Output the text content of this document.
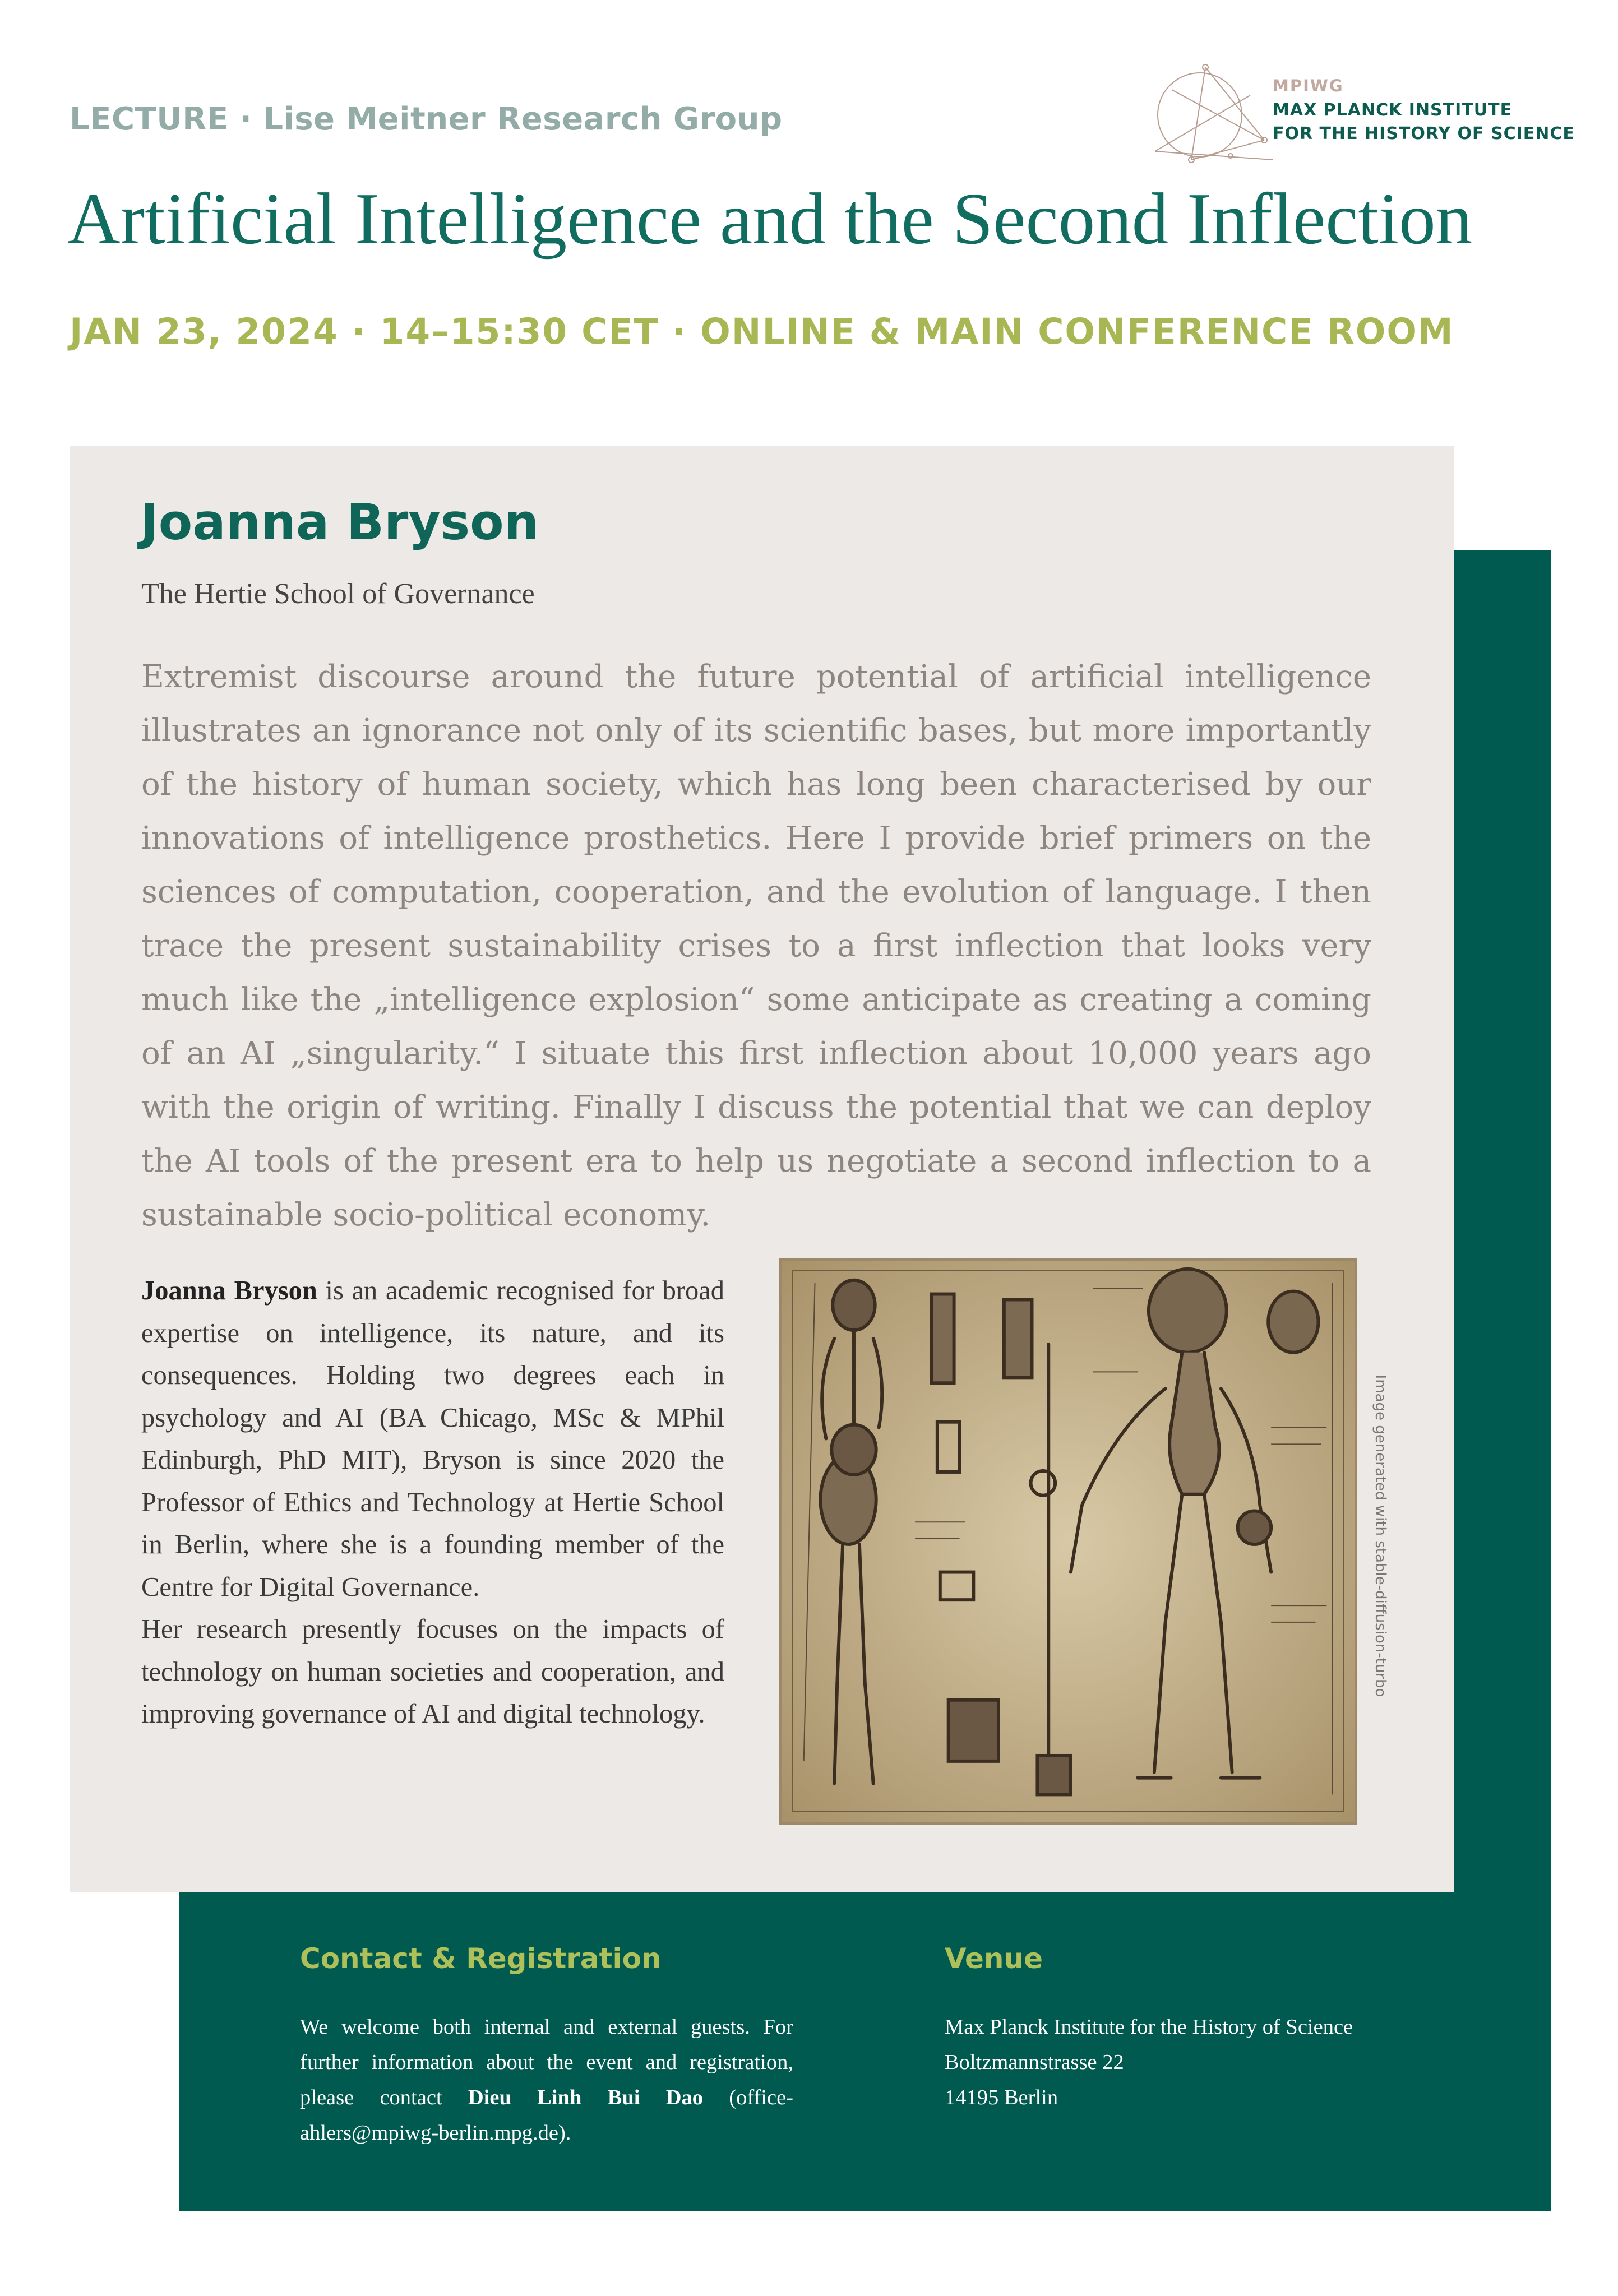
LECTURE · Lise Meitner Research Group
MPIWG
MAX PLANCK INSTITUTE
FOR THE HISTORY OF SCIENCE
Artificial Intelligence and the Second Inflection
JAN 23, 2024 · 14–15:30 CET · ONLINE & MAIN CONFERENCE ROOM
Joanna Bryson
The Hertie School of Governance

Extremist discourse around the future potential of artificial intelligence illustrates an ignorance not only of its scientific bases, but more importantly of the history of human society, which has long been characterised by our innovations of intelligence prosthetics. Here I provide brief primers on the sciences of computation, cooperation, and the evolution of language. I then trace the present sustainability crises to a first inflection that looks very much like the „intelligence explosion“ some anticipate as creating a coming of an AI „singularity.“ I situate this first inflection about 10,000 years ago with the origin of writing. Finally I discuss the potential that we can deploy the AI tools of the present era to help us negotiate a second inflection to a sustainable socio-political economy.

Joanna Bryson is an academic recognised for broad expertise on intelligence, its nature, and its consequences. Holding two degrees each in psychology and AI (BA Chicago, MSc & MPhil Edinburgh, PhD MIT), Bryson is since 2020 the Professor of Ethics and Technology at Hertie School in Berlin, where she is a founding member of the Centre for Digital Governance.

Her research presently focuses on the impacts of technology on human societies and cooperation, and improving governance of AI and digital technology.

Image generated with stable-diffusion-turbo
Contact & Registration

We welcome both internal and external guests. For further information about the event and registration, please contact Dieu Linh Bui Dao (office-ahlers@mpiwg-berlin.mpg.de).

Venue
Max Planck Institute for the History of Science
Boltzmannstrasse 22
14195 Berlin
